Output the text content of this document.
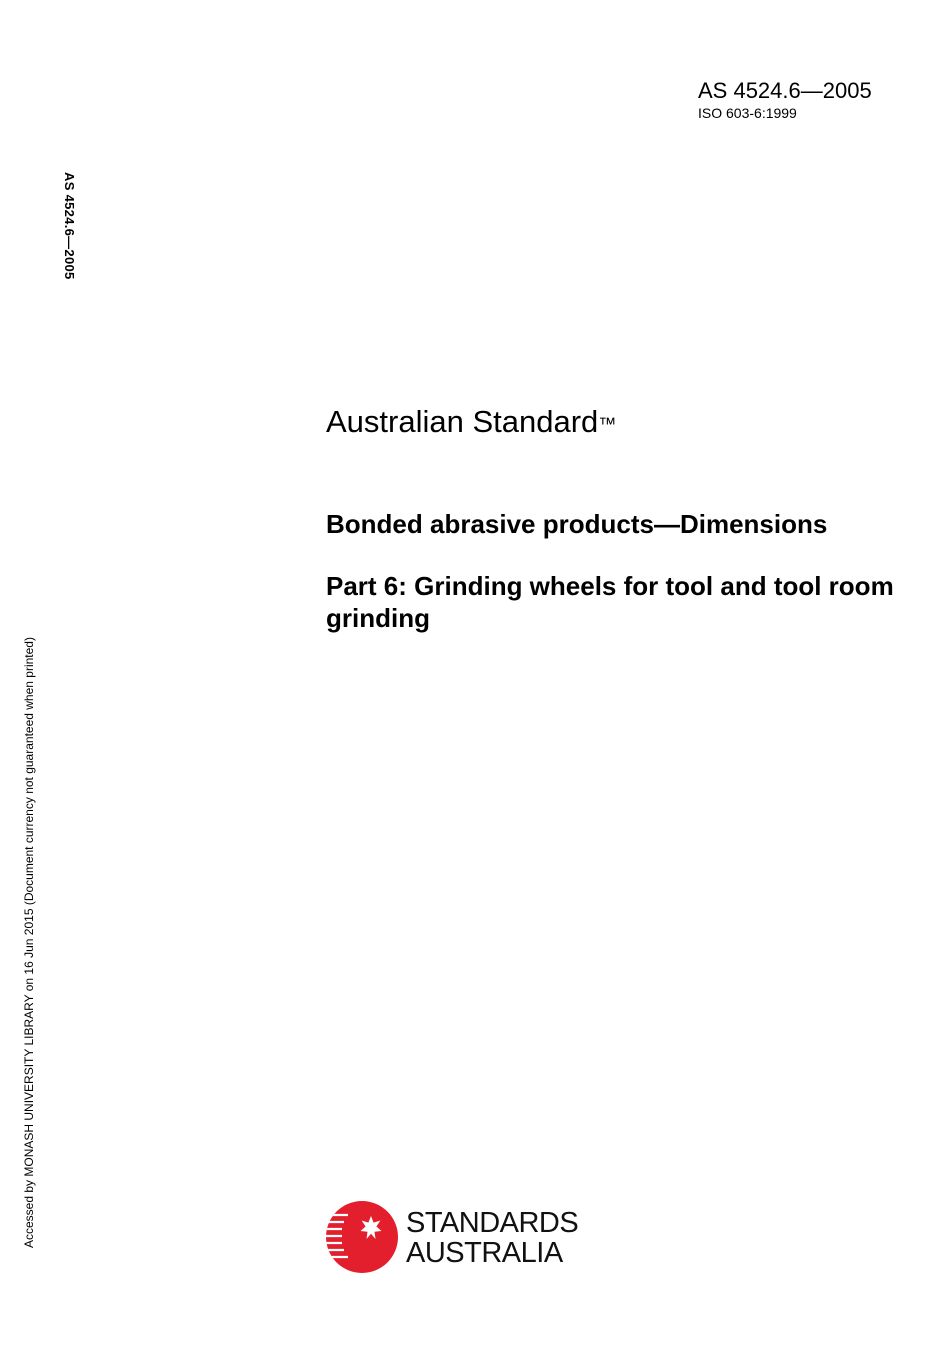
AS 4524.6—2005
ISO 603-6:1999
AS 4524.6—2005
Accessed by MONASH UNIVERSITY LIBRARY on 16 Jun 2015 (Document currency not guaranteed when printed)
Australian Standard™
Bonded abrasive products—Dimensions
Part 6: Grinding wheels for tool and tool room grinding
STANDARDS
AUSTRALIA
